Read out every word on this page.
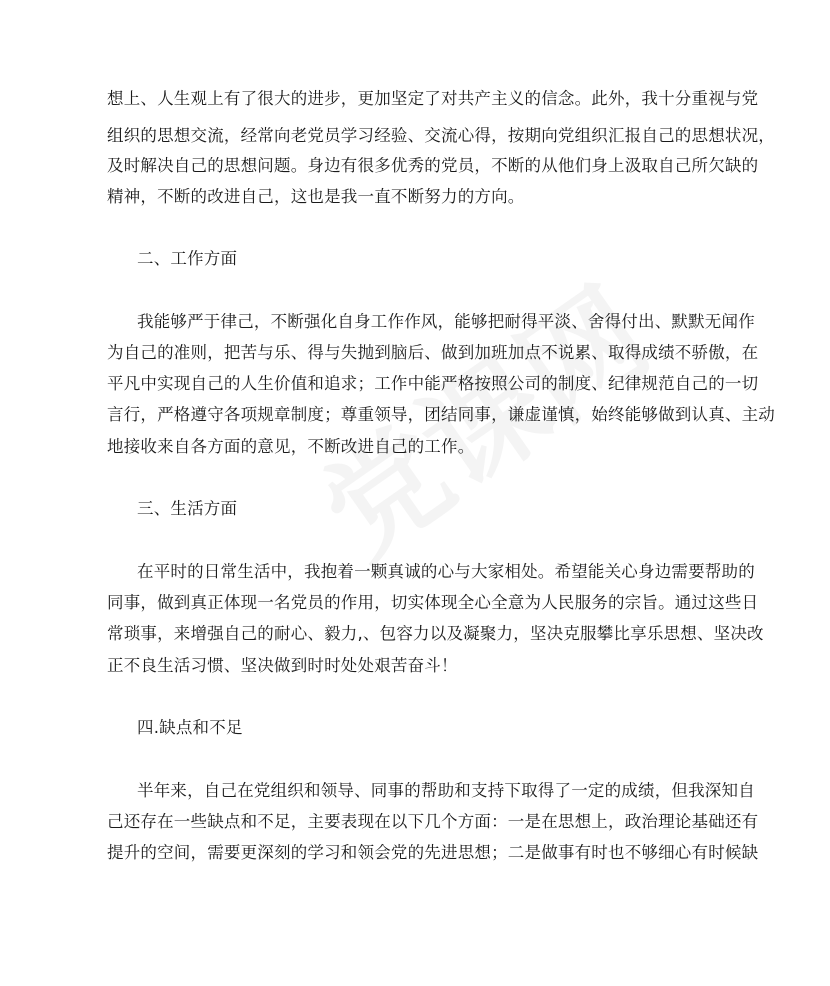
想上、人生观上有了很大的进步，更加坚定了对共产主义的信念。此外，我十分重视与党
组织的思想交流，经常向老党员学习经验、交流心得，按期向党组织汇报自己的思想状况，
及时解决自己的思想问题。身边有很多优秀的党员，不断的从他们身上汲取自己所欠缺的
精神，不断的改进自己，这也是我一直不断努力的方向。
二、工作方面
我能够严于律己，不断强化自身工作作风，能够把耐得平淡、舍得付出、默默无闻作
为自己的准则，把苦与乐、得与失抛到脑后、做到加班加点不说累、取得成绩不骄傲，在
平凡中实现自己的人生价值和追求；工作中能严格按照公司的制度、纪律规范自己的一切
言行，严格遵守各项规章制度；尊重领导，团结同事，谦虚谨慎，始终能够做到认真、主动
地接收来自各方面的意见，不断改进自己的工作。
三、生活方面
在平时的日常生活中，我抱着一颗真诚的心与大家相处。希望能关心身边需要帮助的
同事，做到真正体现一名党员的作用，切实体现全心全意为人民服务的宗旨。通过这些日
常琐事，来增强自己的耐心、毅力,、包容力以及凝聚力，坚决克服攀比享乐思想、坚决改
正不良生活习惯、坚决做到时时处处艰苦奋斗！
四.缺点和不足
半年来，自己在党组织和领导、同事的帮助和支持下取得了一定的成绩，但我深知自
己还存在一些缺点和不足，主要表现在以下几个方面：一是在思想上，政治理论基础还有
提升的空间，需要更深刻的学习和领会党的先进思想；二是做事有时也不够细心有时候缺
